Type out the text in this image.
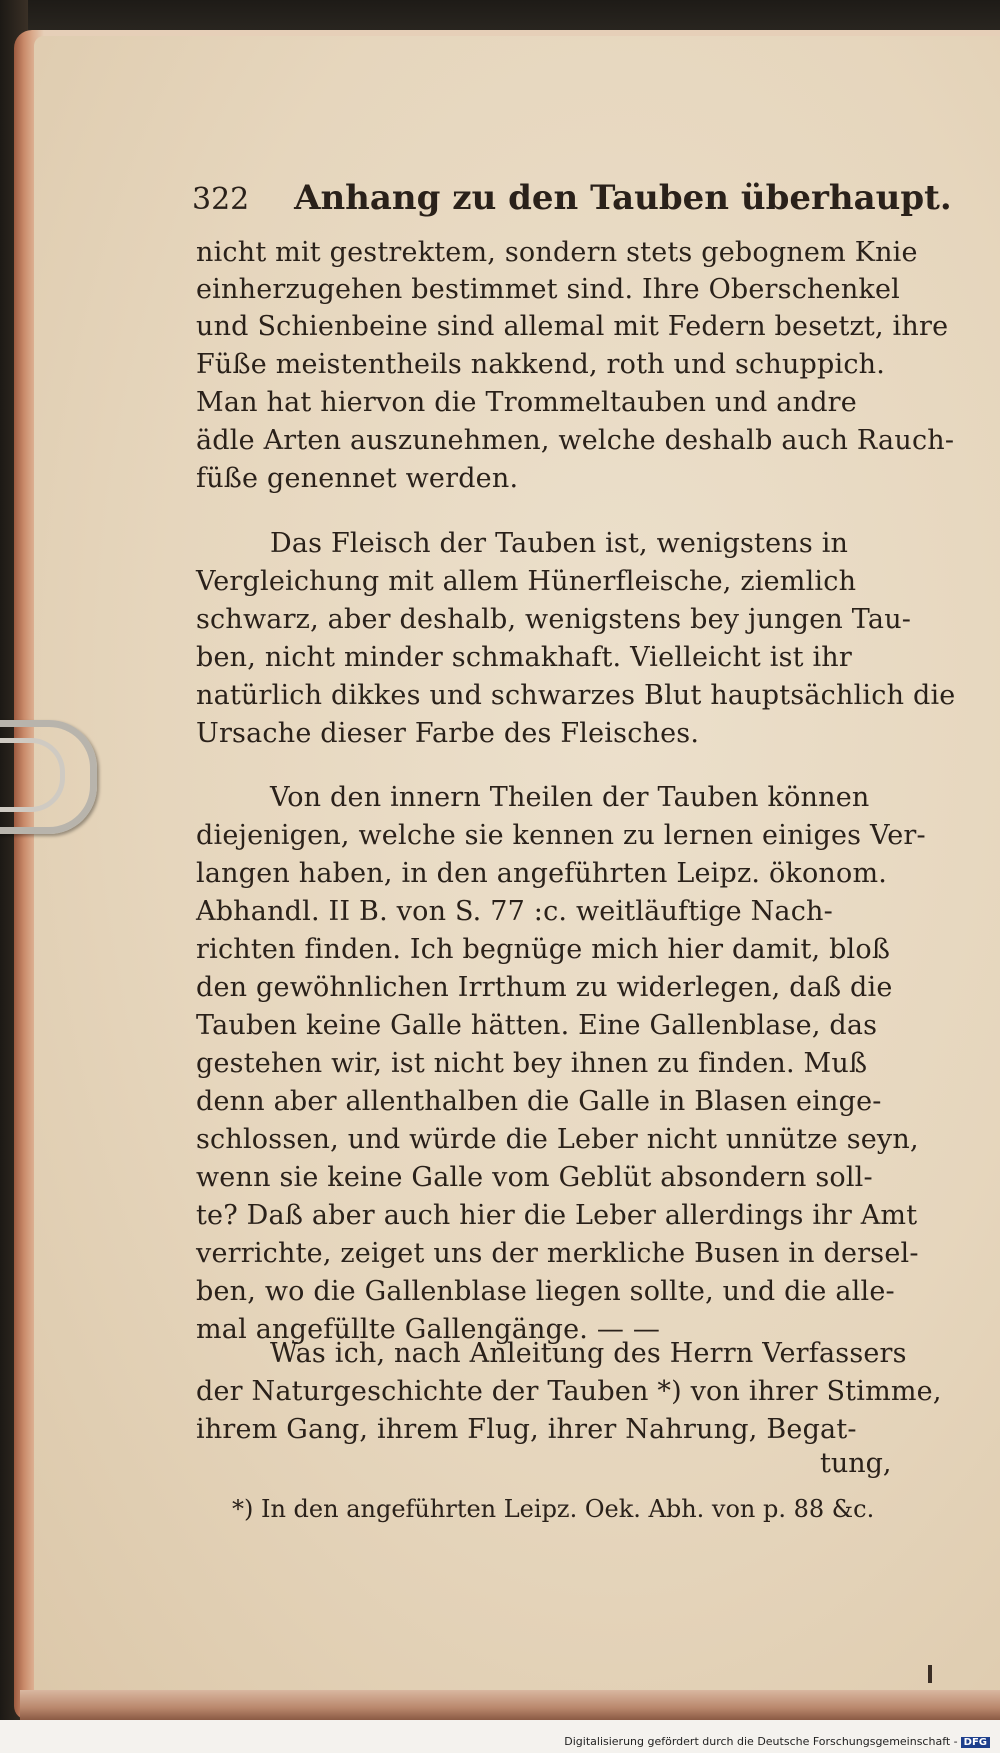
322 Anhang zu den Tauben überhaupt.
nicht mit gestrektem, sondern stets gebognem Knie
einherzugehen bestimmet sind. Ihre Oberschenkel
und Schienbeine sind allemal mit Federn besetzt, ihre
Füße meistentheils nakkend, roth und schuppich.
Man hat hiervon die Trommeltauben und andre
ädle Arten auszunehmen, welche deshalb auch Rauch-
füße genennet werden.
Das Fleisch der Tauben ist, wenigstens in
Vergleichung mit allem Hünerfleische, ziemlich
schwarz, aber deshalb, wenigstens bey jungen Tau-
ben, nicht minder schmakhaft. Vielleicht ist ihr
natürlich dikkes und schwarzes Blut hauptsächlich die
Ursache dieser Farbe des Fleisches.
Von den innern Theilen der Tauben können
diejenigen, welche sie kennen zu lernen einiges Ver-
langen haben, in den angeführten Leipz. ökonom.
Abhandl. II B. von S. 77 :c. weitläuftige Nach-
richten finden. Ich begnüge mich hier damit, bloß
den gewöhnlichen Irrthum zu widerlegen, daß die
Tauben keine Galle hätten. Eine Gallenblase, das
gestehen wir, ist nicht bey ihnen zu finden. Muß
denn aber allenthalben die Galle in Blasen einge-
schlossen, und würde die Leber nicht unnütze seyn,
wenn sie keine Galle vom Geblüt absondern soll-
te? Daß aber auch hier die Leber allerdings ihr Amt
verrichte, zeiget uns der merkliche Busen in dersel-
ben, wo die Gallenblase liegen sollte, und die alle-
mal angefüllte Gallengänge. — —
Was ich, nach Anleitung des Herrn Verfassers
der Naturgeschichte der Tauben *) von ihrer Stimme,
ihrem Gang, ihrem Flug, ihrer Nahrung, Begat-
tung,
*) In den angeführten Leipz. Oek. Abh. von p. 88 &c.
Digitalisierung gefördert durch die Deutsche Forschungsgemeinschaft - DFG
